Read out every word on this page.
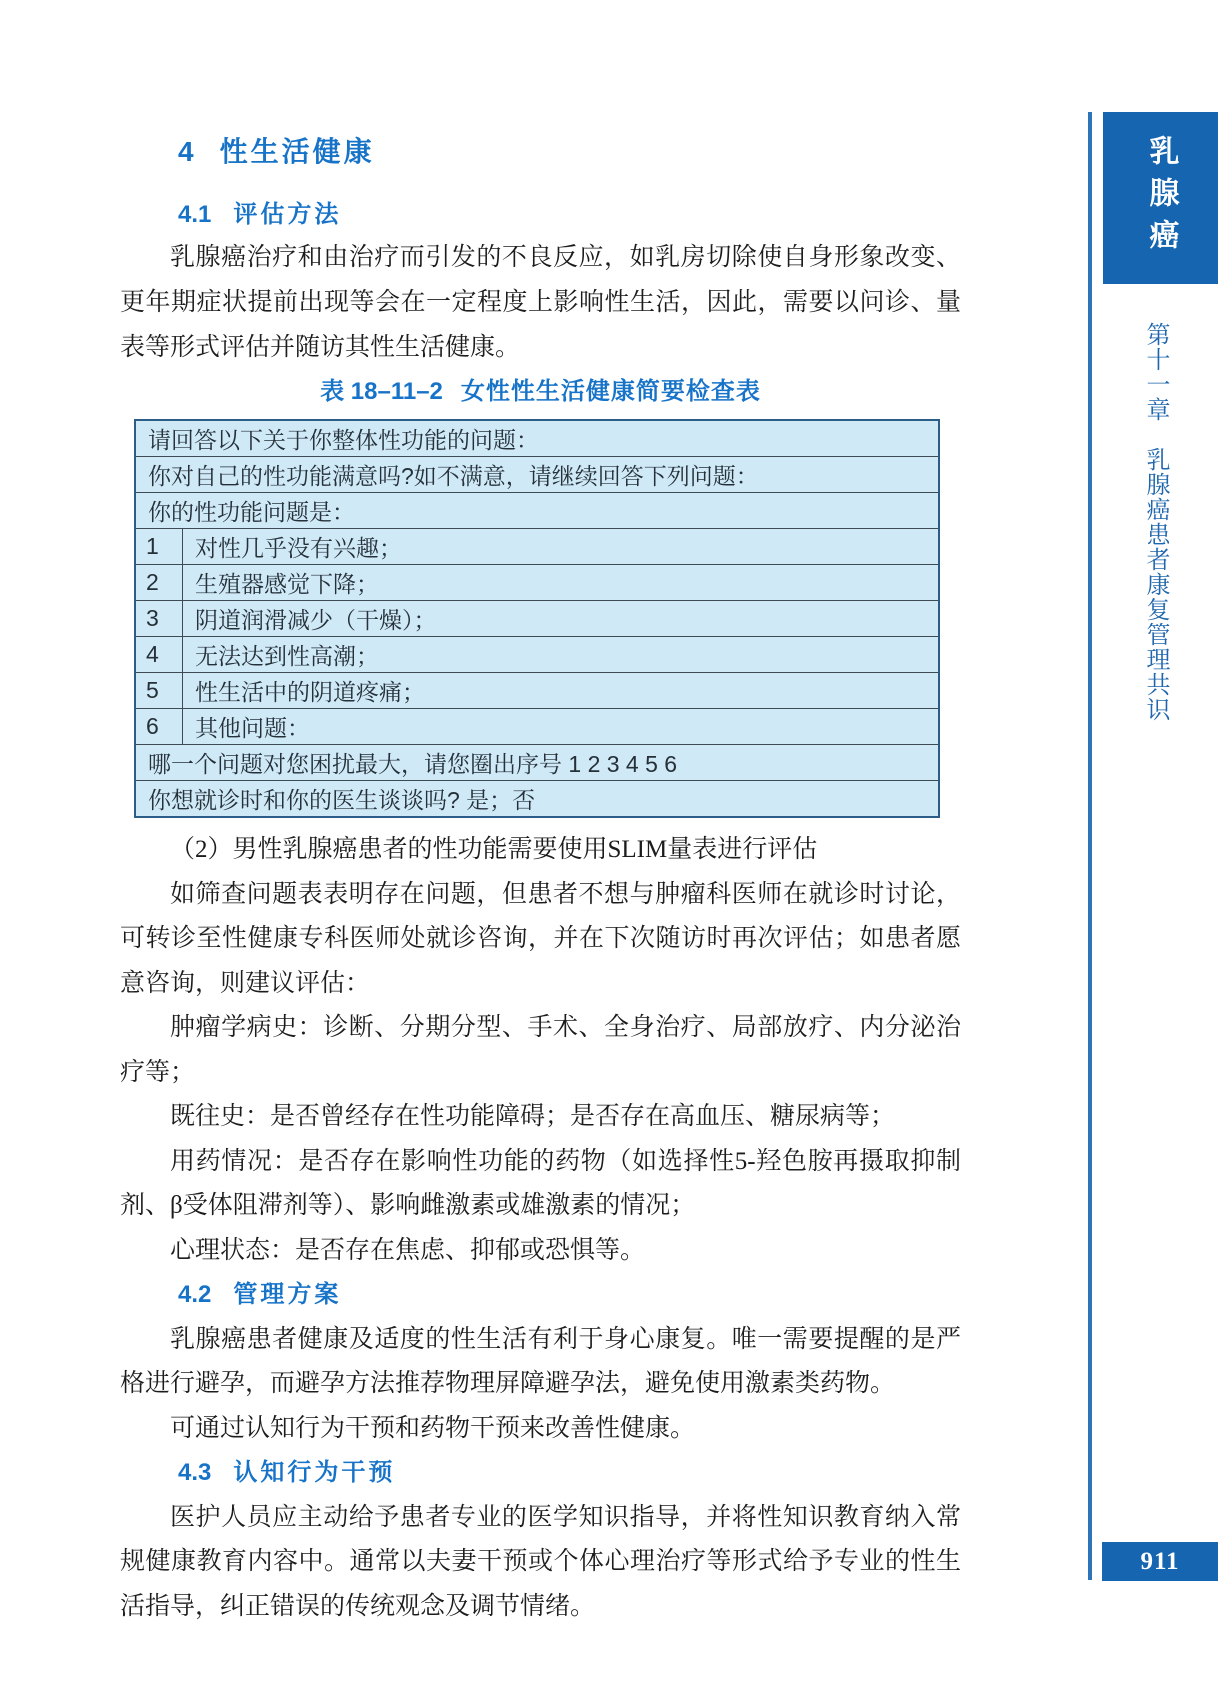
4 性生活健康
4.1 评估方法

乳腺癌治疗和由治疗而引发的不良反应，如乳房切除使自身形象改变、更年期症状提前出现等会在一定程度上影响性生活，因此，需要以问诊、量表等形式评估并随访其性生活健康。

表 18–11–2 女性性生活健康简要检查表
请回答以下关于你整体性功能的问题：	
你对自己的性功能满意吗?如不满意，请继续回答下列问题：	
你的性功能问题是：	
1	对性几乎没有兴趣；
2	生殖器感觉下降；
3	阴道润滑减少（干燥）；
4	无法达到性高潮；
5	性生活中的阴道疼痛；
6	其他问题：
哪一个问题对您困扰最大，请您圈出序号 1 2 3 4 5 6	
你想就诊时和你的医生谈谈吗? 是；否	

（2）男性乳腺癌患者的性功能需要使用SLIM量表进行评估

如筛查问题表表明存在问题，但患者不想与肿瘤科医师在就诊时讨论，可转诊至性健康专科医师处就诊咨询，并在下次随访时再次评估；如患者愿意咨询，则建议评估：

肿瘤学病史：诊断、分期分型、手术、全身治疗、局部放疗、内分泌治疗等；

既往史：是否曾经存在性功能障碍；是否存在高血压、糖尿病等；

用药情况：是否存在影响性功能的药物（如选择性5-羟色胺再摄取抑制剂、β受体阻滞剂等）、影响雌激素或雄激素的情况；

心理状态：是否存在焦虑、抑郁或恐惧等。

4.2 管理方案

乳腺癌患者健康及适度的性生活有利于身心康复。唯一需要提醒的是严格进行避孕，而避孕方法推荐物理屏障避孕法，避免使用激素类药物。

可通过认知行为干预和药物干预来改善性健康。

4.3 认知行为干预

医护人员应主动给予患者专业的医学知识指导，并将性知识教育纳入常规健康教育内容中。通常以夫妻干预或个体心理治疗等形式给予专业的性生活指导，纠正错误的传统观念及调节情绪。

乳腺癌
第十一章　乳腺癌患者康复管理共识
911
